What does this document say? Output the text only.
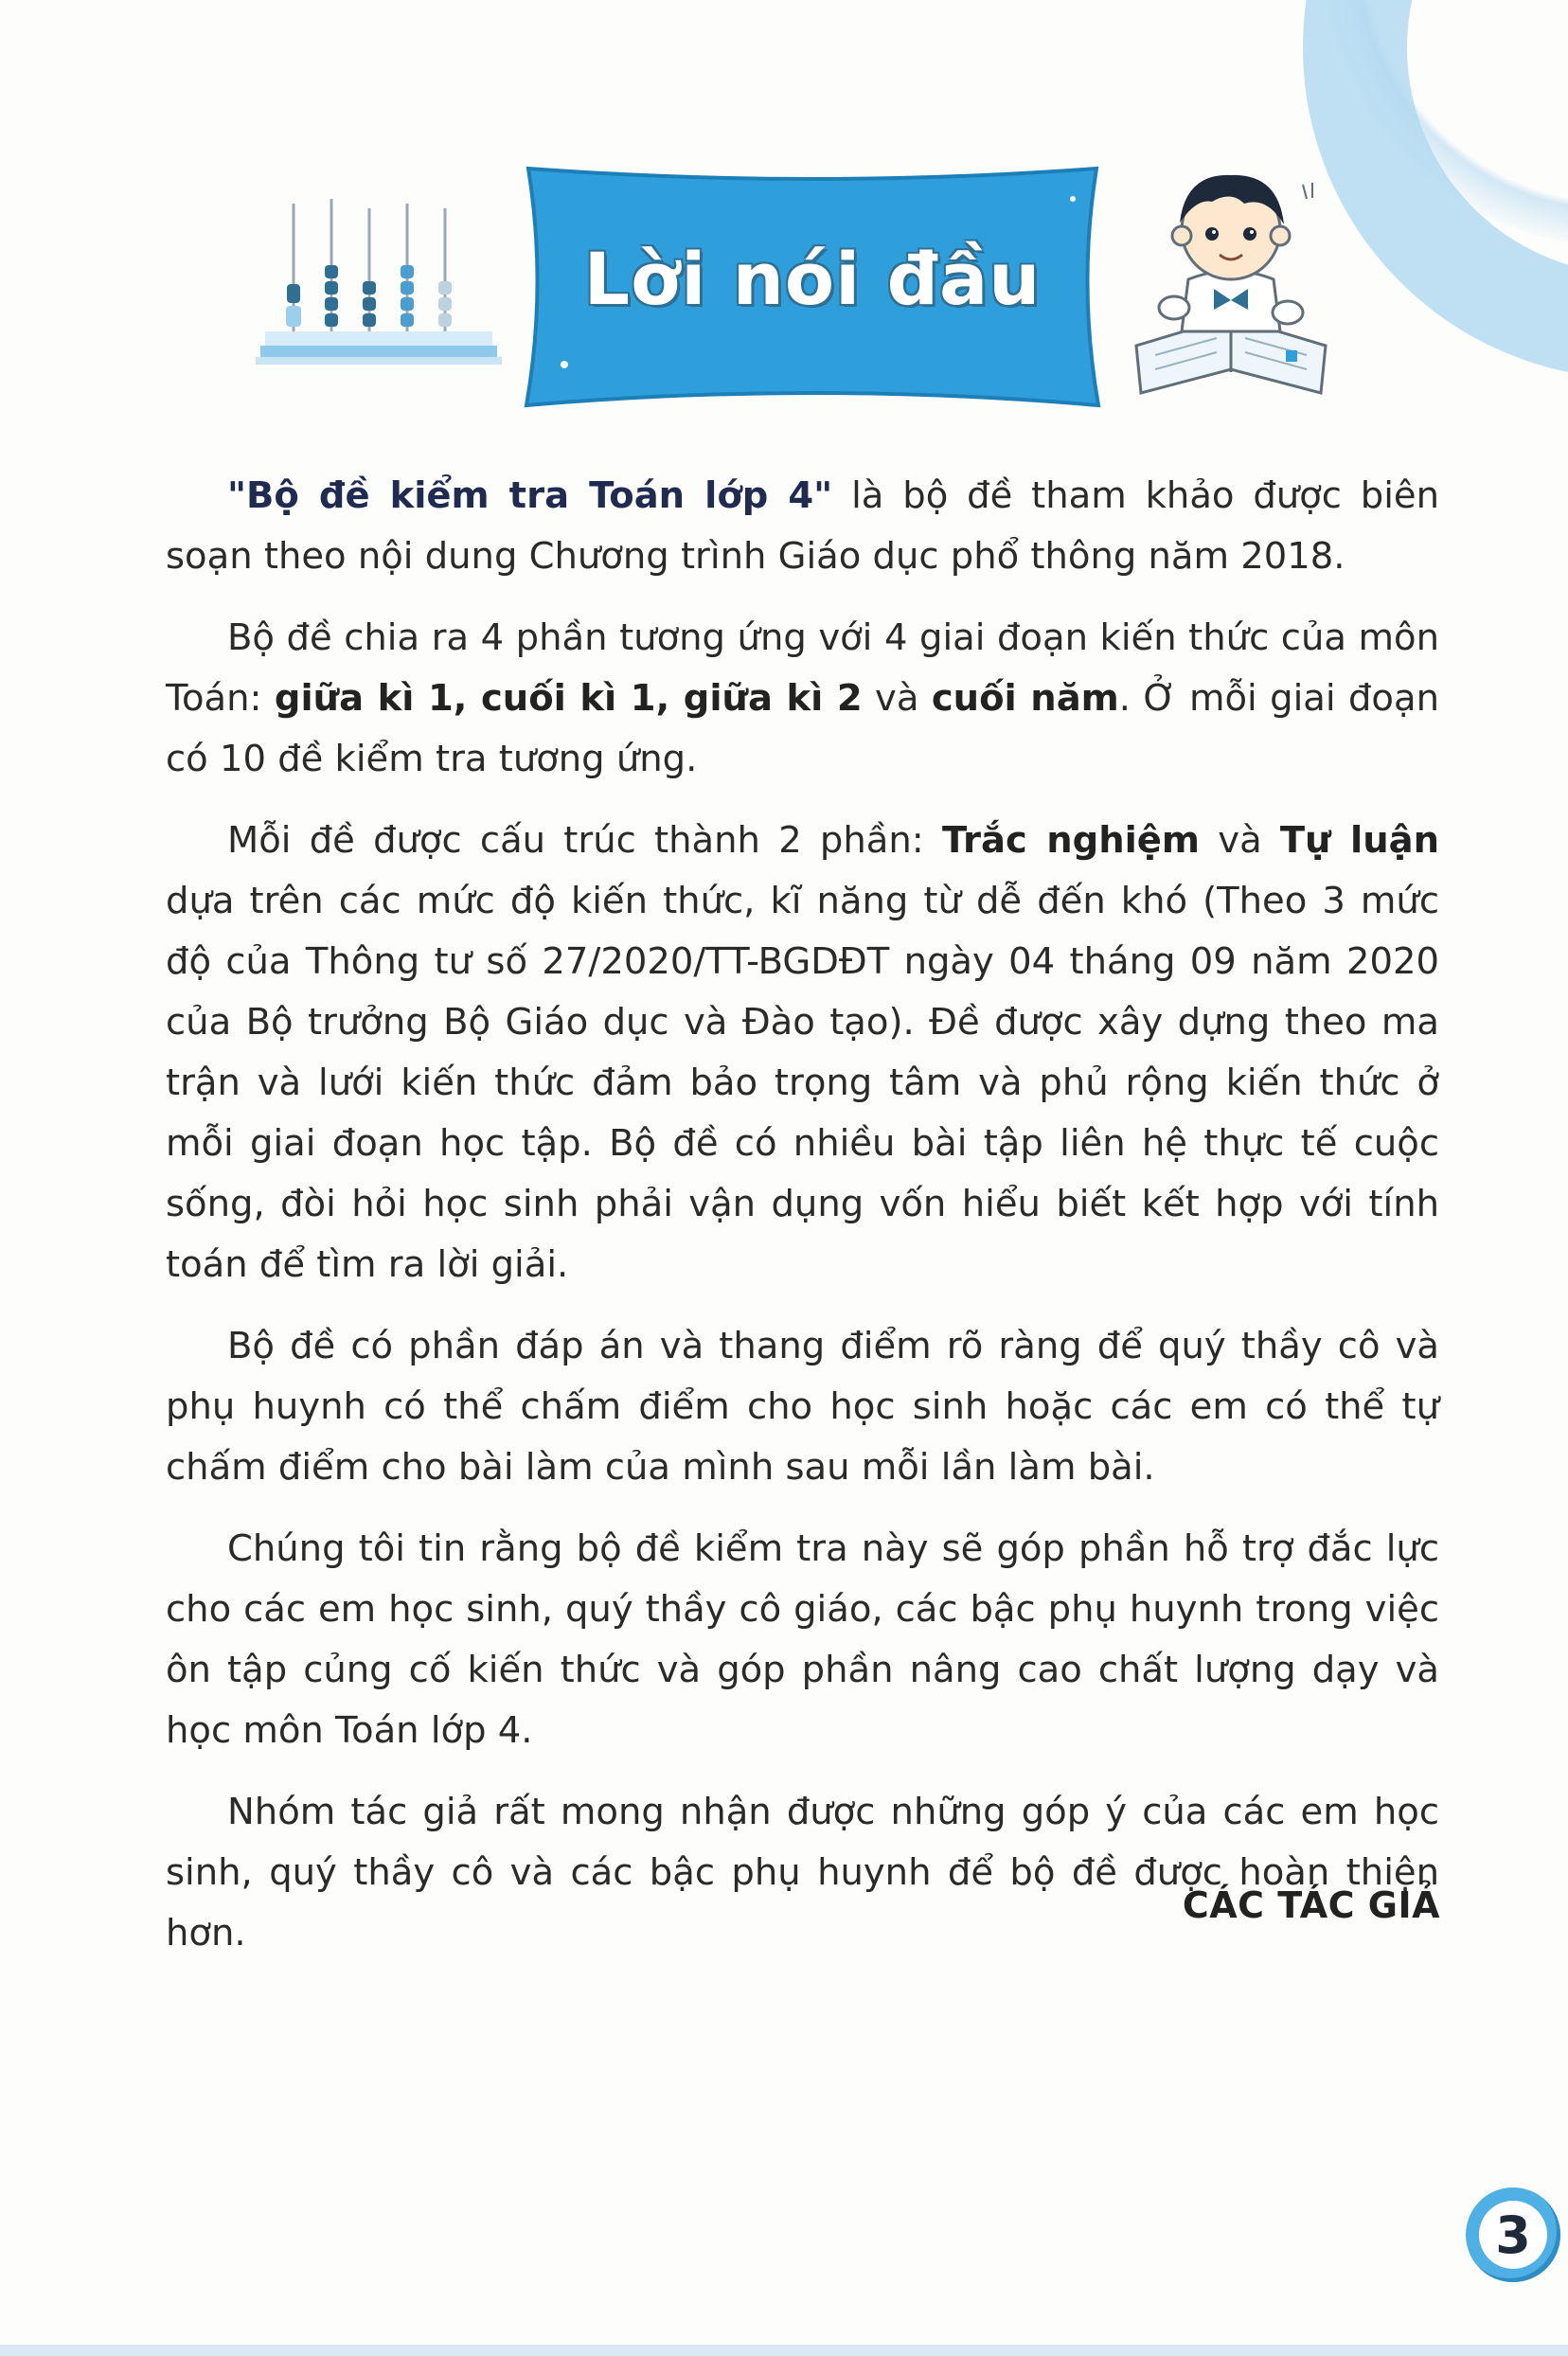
Lời nói đầu

"Bộ đề kiểm tra Toán lớp 4" là bộ đề tham khảo được biên soạn theo nội dung Chương trình Giáo dục phổ thông năm 2018.

Bộ đề chia ra 4 phần tương ứng với 4 giai đoạn kiến thức của môn Toán: giữa kì 1, cuối kì 1, giữa kì 2 và cuối năm. Ở mỗi giai đoạn có 10 đề kiểm tra tương ứng.

Mỗi đề được cấu trúc thành 2 phần: Trắc nghiệm và Tự luận dựa trên các mức độ kiến thức, kĩ năng từ dễ đến khó (Theo 3 mức độ của Thông tư số 27/2020/TT-BGDĐT ngày 04 tháng 09 năm 2020 của Bộ trưởng Bộ Giáo dục và Đào tạo). Đề được xây dựng theo ma trận và lưới kiến thức đảm bảo trọng tâm và phủ rộng kiến thức ở mỗi giai đoạn học tập. Bộ đề có nhiều bài tập liên hệ thực tế cuộc sống, đòi hỏi học sinh phải vận dụng vốn hiểu biết kết hợp với tính toán để tìm ra lời giải.

Bộ đề có phần đáp án và thang điểm rõ ràng để quý thầy cô và phụ huynh có thể chấm điểm cho học sinh hoặc các em có thể tự chấm điểm cho bài làm của mình sau mỗi lần làm bài.

Chúng tôi tin rằng bộ đề kiểm tra này sẽ góp phần hỗ trợ đắc lực cho các em học sinh, quý thầy cô giáo, các bậc phụ huynh trong việc ôn tập củng cố kiến thức và góp phần nâng cao chất lượng dạy và học môn Toán lớp 4.

Nhóm tác giả rất mong nhận được những góp ý của các em học sinh, quý thầy cô và các bậc phụ huynh để bộ đề được hoàn thiện hơn.

CÁC TÁC GIẢ
3
